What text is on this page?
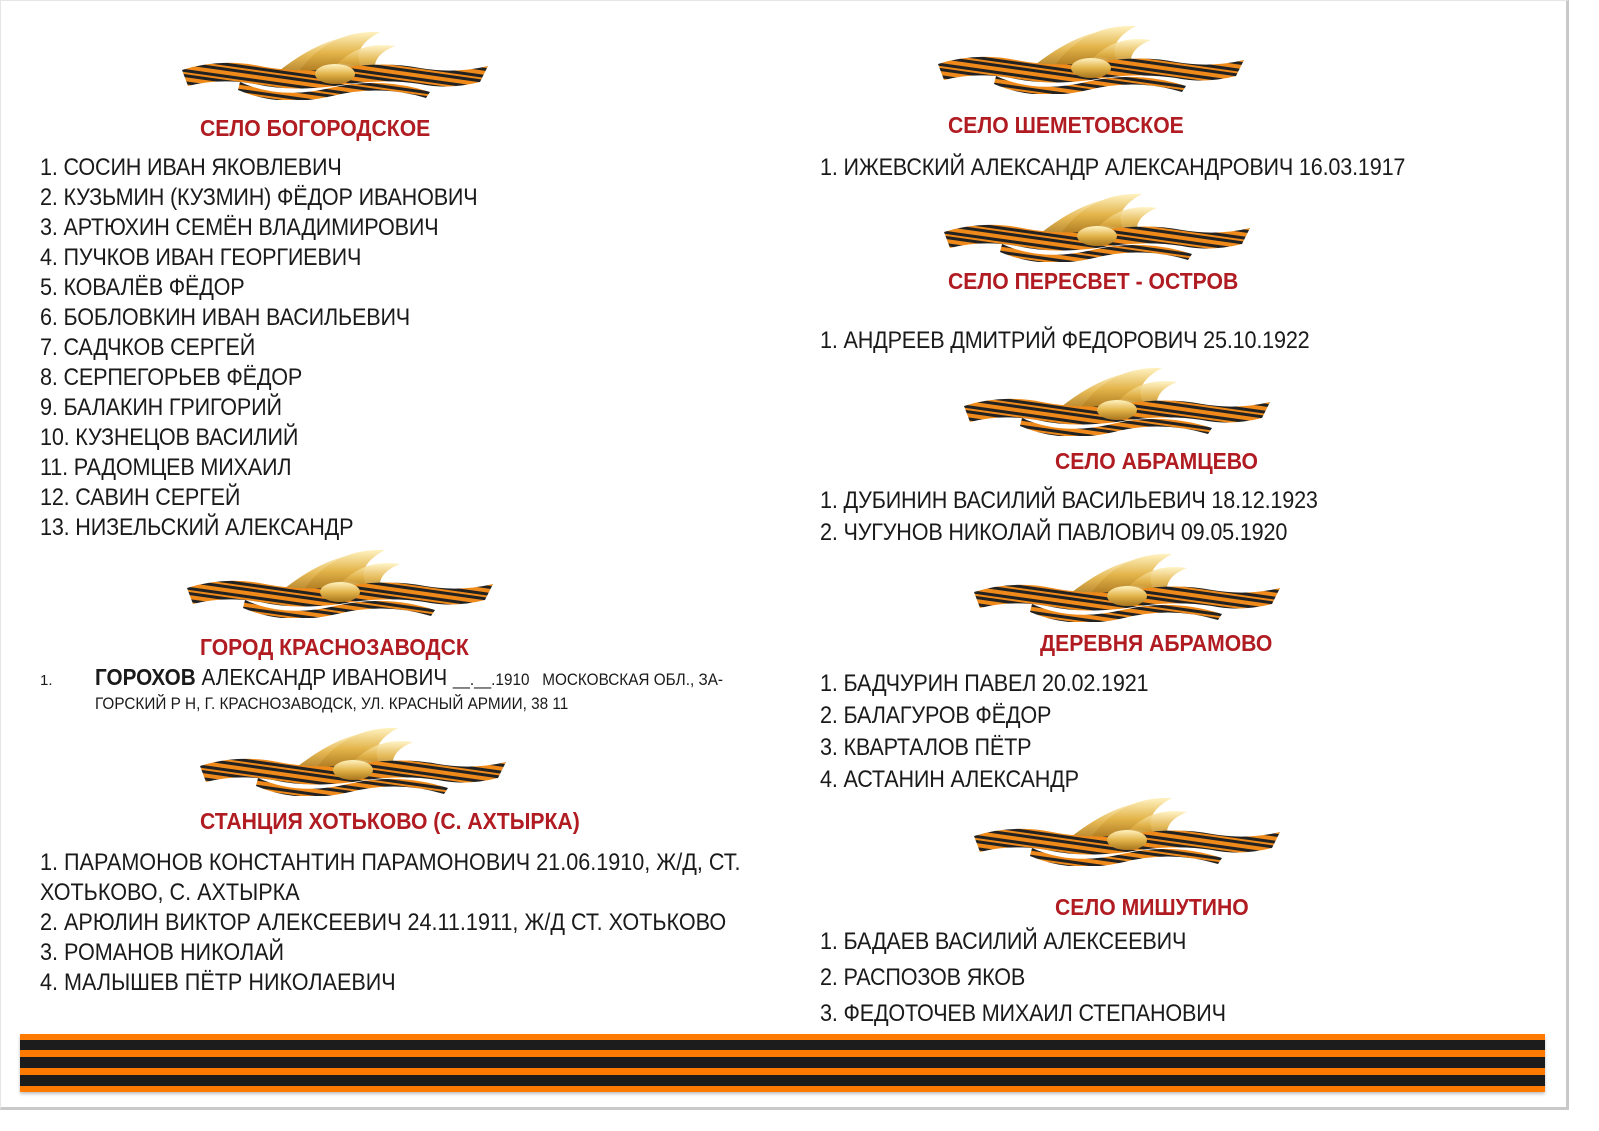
СЕЛО БОГОРОДСКОЕ
1. СОСИН ИВАН ЯКОВЛЕВИЧ
2. КУЗЬМИН (КУЗМИН) ФЁДОР ИВАНОВИЧ
3. АРТЮХИН СЕМЁН ВЛАДИМИРОВИЧ
4. ПУЧКОВ ИВАН ГЕОРГИЕВИЧ
5. КОВАЛЁВ ФЁДОР
6. БОБЛОВКИН ИВАН ВАСИЛЬЕВИЧ
7. САДЧКОВ СЕРГЕЙ
8. СЕРПЕГОРЬЕВ ФЁДОР
9. БАЛАКИН ГРИГОРИЙ
10. КУЗНЕЦОВ ВАСИЛИЙ
11. РАДОМЦЕВ МИХАИЛ
12. САВИН СЕРГЕЙ
13. НИЗЕЛЬСКИЙ АЛЕКСАНДР
ГОРОД КРАСНОЗАВОДСК
1. ГОРОХОВ АЛЕКСАНДР ИВАНОВИЧ __.__.1910 МОСКОВСКАЯ ОБЛ., ЗА-
ГОРСКИЙ Р Н, Г. КРАСНОЗАВОДСК, УЛ. КРАСНЫЙ АРМИИ, 38 11
СТАНЦИЯ ХОТЬКОВО (С. АХТЫРКА)
1. ПАРАМОНОВ КОНСТАНТИН ПАРАМОНОВИЧ 21.06.1910, Ж/Д, СТ.
ХОТЬКОВО, С. АХТЫРКА
2. АРЮЛИН ВИКТОР АЛЕКСЕЕВИЧ 24.11.1911, Ж/Д СТ. ХОТЬКОВО
3. РОМАНОВ НИКОЛАЙ
4. МАЛЫШЕВ ПЁТР НИКОЛАЕВИЧ
СЕЛО ШЕМЕТОВСКОЕ
1. ИЖЕВСКИЙ АЛЕКСАНДР АЛЕКСАНДРОВИЧ 16.03.1917
СЕЛО ПЕРЕСВЕТ - ОСТРОВ
1. АНДРЕЕВ ДМИТРИЙ ФЕДОРОВИЧ 25.10.1922
СЕЛО АБРАМЦЕВО
1. ДУБИНИН ВАСИЛИЙ ВАСИЛЬЕВИЧ 18.12.1923
2. ЧУГУНОВ НИКОЛАЙ ПАВЛОВИЧ 09.05.1920
ДЕРЕВНЯ АБРАМОВО
1. БАДЧУРИН ПАВЕЛ 20.02.1921
2. БАЛАГУРОВ ФЁДОР
3. КВАРТАЛОВ ПЁТР
4. АСТАНИН АЛЕКСАНДР
СЕЛО МИШУТИНО
1. БАДАЕВ ВАСИЛИЙ АЛЕКСЕЕВИЧ
2. РАСПОЗОВ ЯКОВ
3. ФЕДОТОЧЕВ МИХАИЛ СТЕПАНОВИЧ
